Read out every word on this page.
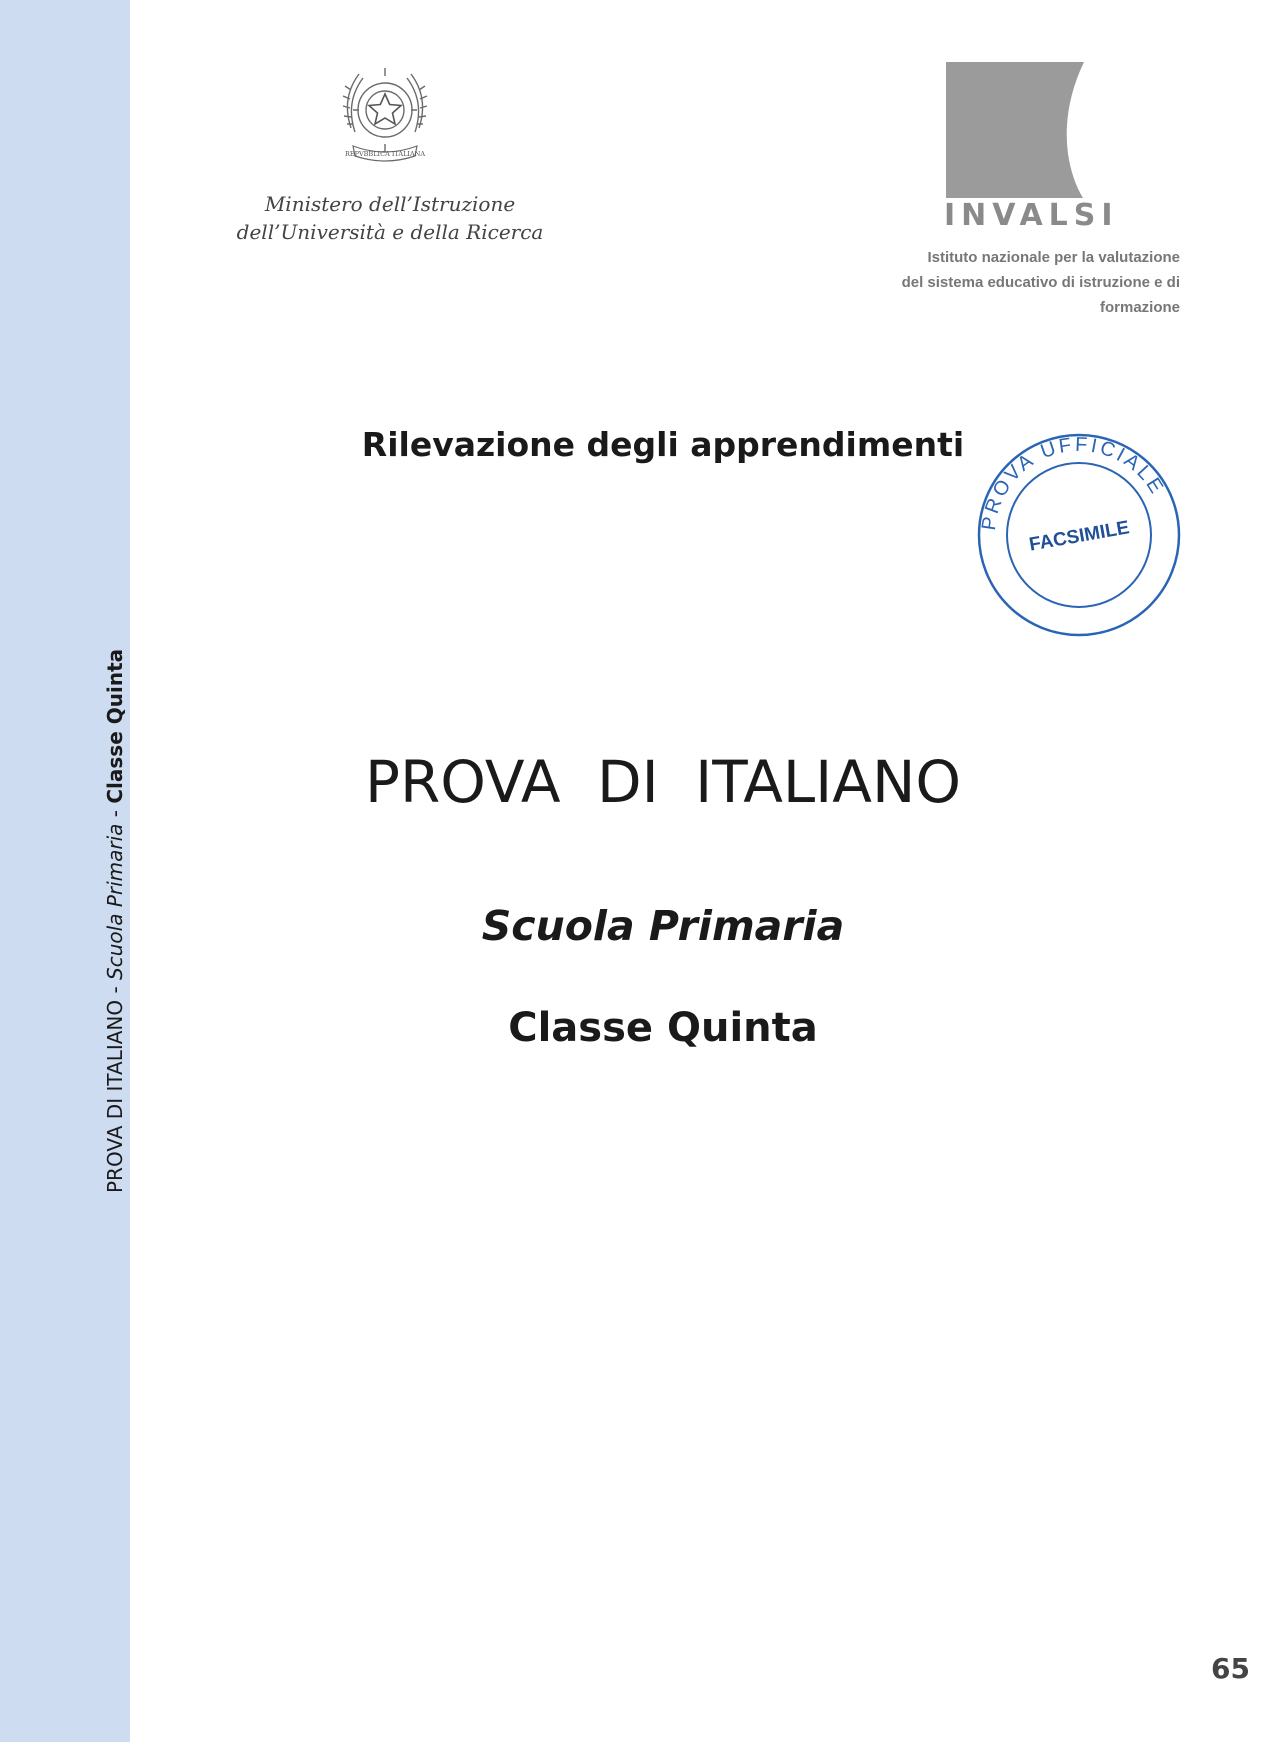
PROVA DI ITALIANO - Scuola Primaria - Classe Quinta
REPVBBLICA ITALIANA
Ministero dell’Istruzione
dell’Università e della Ricerca	INVALSI
Istituto nazionale per la valutazione
del sistema educativo di istruzione e di formazione
Rilevazione degli apprendimenti
PROVA UFFICIALE
FACSIMILE
PROVA DI ITALIANO
Scuola Primaria
Classe Quinta
65
